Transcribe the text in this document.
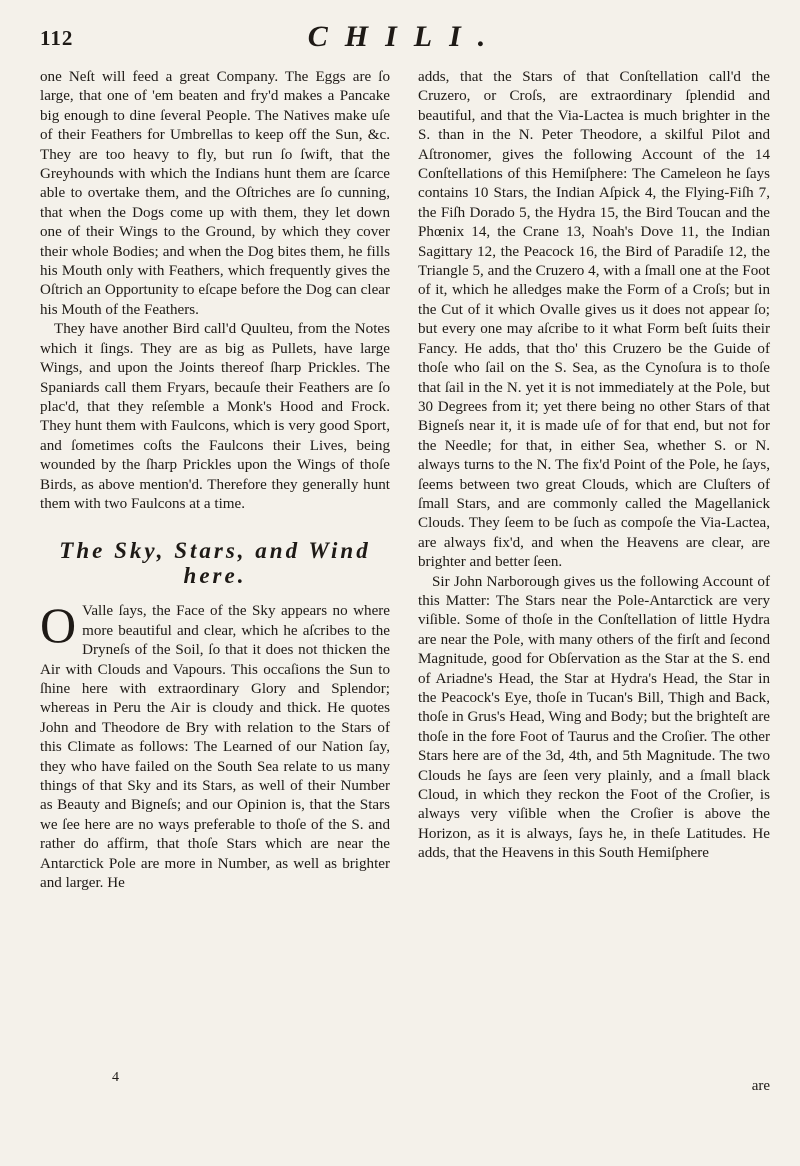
112	CHILI.

one Neſt will feed a great Company. The Eggs are ſo large, that one of 'em beaten and fry'd makes a Pancake big enough to dine ſeveral People. The Natives make uſe of their Feathers for Umbrellas to keep off the Sun, &c. They are too heavy to fly, but run ſo ſwift, that the Greyhounds with which the Indians hunt them are ſcarce able to overtake them, and the Oſtriches are ſo cunning, that when the Dogs come up with them, they let down one of their Wings to the Ground, by which they cover their whole Bodies; and when the Dog bites them, he fills his Mouth only with Feathers, which frequently gives the Oſtrich an Opportunity to eſcape before the Dog can clear his Mouth of the Feathers.

They have another Bird call'd Quulteu, from the Notes which it ſings. They are as big as Pullets, have large Wings, and upon the Joints thereof ſharp Prickles. The Spaniards call them Fryars, becauſe their Feathers are ſo plac'd, that they reſemble a Monk's Hood and Frock. They hunt them with Faulcons, which is very good Sport, and ſometimes coſts the Faulcons their Lives, being wounded by the ſharp Prickles upon the Wings of thoſe Birds, as above mention'd. Therefore they generally hunt them with two Faulcons at a time.

The Sky, Stars, and Wind here.

O Valle ſays, the Face of the Sky appears no where more beautiful and clear, which he aſcribes to the Dryneſs of the Soil, ſo that it does not thicken the Air with Clouds and Vapours. This occaſions the Sun to ſhine here with extraordinary Glory and Splendor; whereas in Peru the Air is cloudy and thick. He quotes John and Theodore de Bry with relation to the Stars of this Climate as follows: The Learned of our Nation ſay, they who have failed on the South Sea relate to us many things of that Sky and its Stars, as well of their Number as Beauty and Bigneſs; and our Opinion is, that the Stars we ſee here are no ways preferable to thoſe of the S. and rather do affirm, that thoſe Stars which are near the Antarctick Pole are more in Number, as well as brighter and larger. He

adds, that the Stars of that Conſtellation call'd the Cruzero, or Croſs, are extraordinary ſplendid and beautiful, and that the Via-Lactea is much brighter in the S. than in the N. Peter Theodore, a skilful Pilot and Aſtronomer, gives the following Account of the 14 Conſtellations of this Hemiſphere: The Cameleon he ſays contains 10 Stars, the Indian Aſpick 4, the Flying-Fiſh 7, the Fiſh Dorado 5, the Hydra 15, the Bird Toucan and the Phœnix 14, the Crane 13, Noah's Dove 11, the Indian Sagittary 12, the Peacock 16, the Bird of Paradiſe 12, the Triangle 5, and the Cruzero 4, with a ſmall one at the Foot of it, which he alledges make the Form of a Croſs; but in the Cut of it which Ovalle gives us it does not appear ſo; but every one may aſcribe to it what Form beſt ſuits their Fancy. He adds, that tho' this Cruzero be the Guide of thoſe who ſail on the S. Sea, as the Cynoſura is to thoſe that ſail in the N. yet it is not immediately at the Pole, but 30 Degrees from it; yet there being no other Stars of that Bigneſs near it, it is made uſe of for that end, but not for the Needle; for that, in either Sea, whether S. or N. always turns to the N. The fix'd Point of the Pole, he ſays, ſeems between two great Clouds, which are Cluſters of ſmall Stars, and are commonly called the Magellanick Clouds. They ſeem to be ſuch as compoſe the Via-Lactea, are always fix'd, and when the Heavens are clear, are brighter and better ſeen.

Sir John Narborough gives us the following Account of this Matter: The Stars near the Pole-Antarctick are very viſible. Some of thoſe in the Conſtellation of little Hydra are near the Pole, with many others of the firſt and ſecond Magnitude, good for Obſervation as the Star at the S. end of Ariadne's Head, the Star at Hydra's Head, the Star in the Peacock's Eye, thoſe in Tucan's Bill, Thigh and Back, thoſe in Grus's Head, Wing and Body; but the brighteſt are thoſe in the fore Foot of Taurus and the Croſier. The other Stars here are of the 3d, 4th, and 5th Magnitude. The two Clouds he ſays are ſeen very plainly, and a ſmall black Cloud, in which they reckon the Foot of the Croſier, is always very viſible when the Croſier is above the Horizon, as it is always, ſays he, in theſe Latitudes. He adds, that the Heavens in this South Hemiſphere

4
are
